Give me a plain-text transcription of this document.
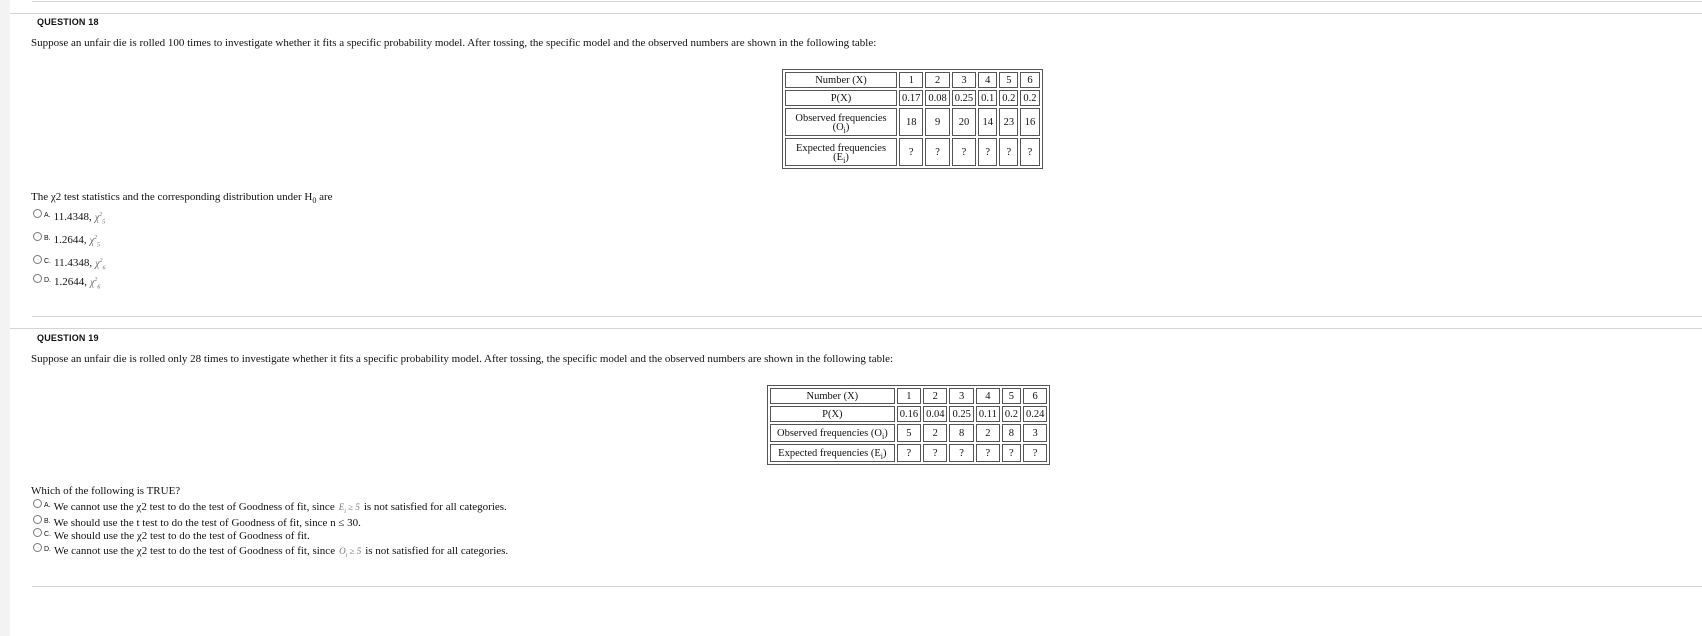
QUESTION 18
Suppose an unfair die is rolled 100 times to investigate whether it fits a specific probability model. After tossing, the specific model and the observed numbers are shown in the following table:
Number (X)	1	2	3	4	5	6
P(X)	0.17	0.08	0.25	0.1	0.2	0.2
Observed frequencies
$(O_i)$	18	9	20	14	23	16
Expected frequencies
$(E_i)$	?	?	?	?	?	?
The χ2 test statistics and the corresponding distribution under $H_0$ are
A. 11.4348, $\chi^2_5$
B. 1.2644, $\chi^2_5$
C. 11.4348, $\chi^2_6$
D. 1.2644, $\chi^2_6$
QUESTION 19
Suppose an unfair die is rolled only 28 times to investigate whether it fits a specific probability model. After tossing, the specific model and the observed numbers are shown in the following table:
Number (X)	1	2	3	4	5	6
P(X)	0.16	0.04	0.25	0.11	0.2	0.24
Observed frequencies $(O_i)$	5	2	8	2	8	3
Expected frequencies $(E_i)$	?	?	?	?	?	?
Which of the following is TRUE?
A. We cannot use the χ2 test to do the test of Goodness of fit, since $E_i \ge 5$ is not satisfied for all categories.
B. We should use the t test to do the test of Goodness of fit, since n ≤ 30.
C. We should use the χ2 test to do the test of Goodness of fit.
D. We cannot use the χ2 test to do the test of Goodness of fit, since $O_i \ge 5$ is not satisfied for all categories.
